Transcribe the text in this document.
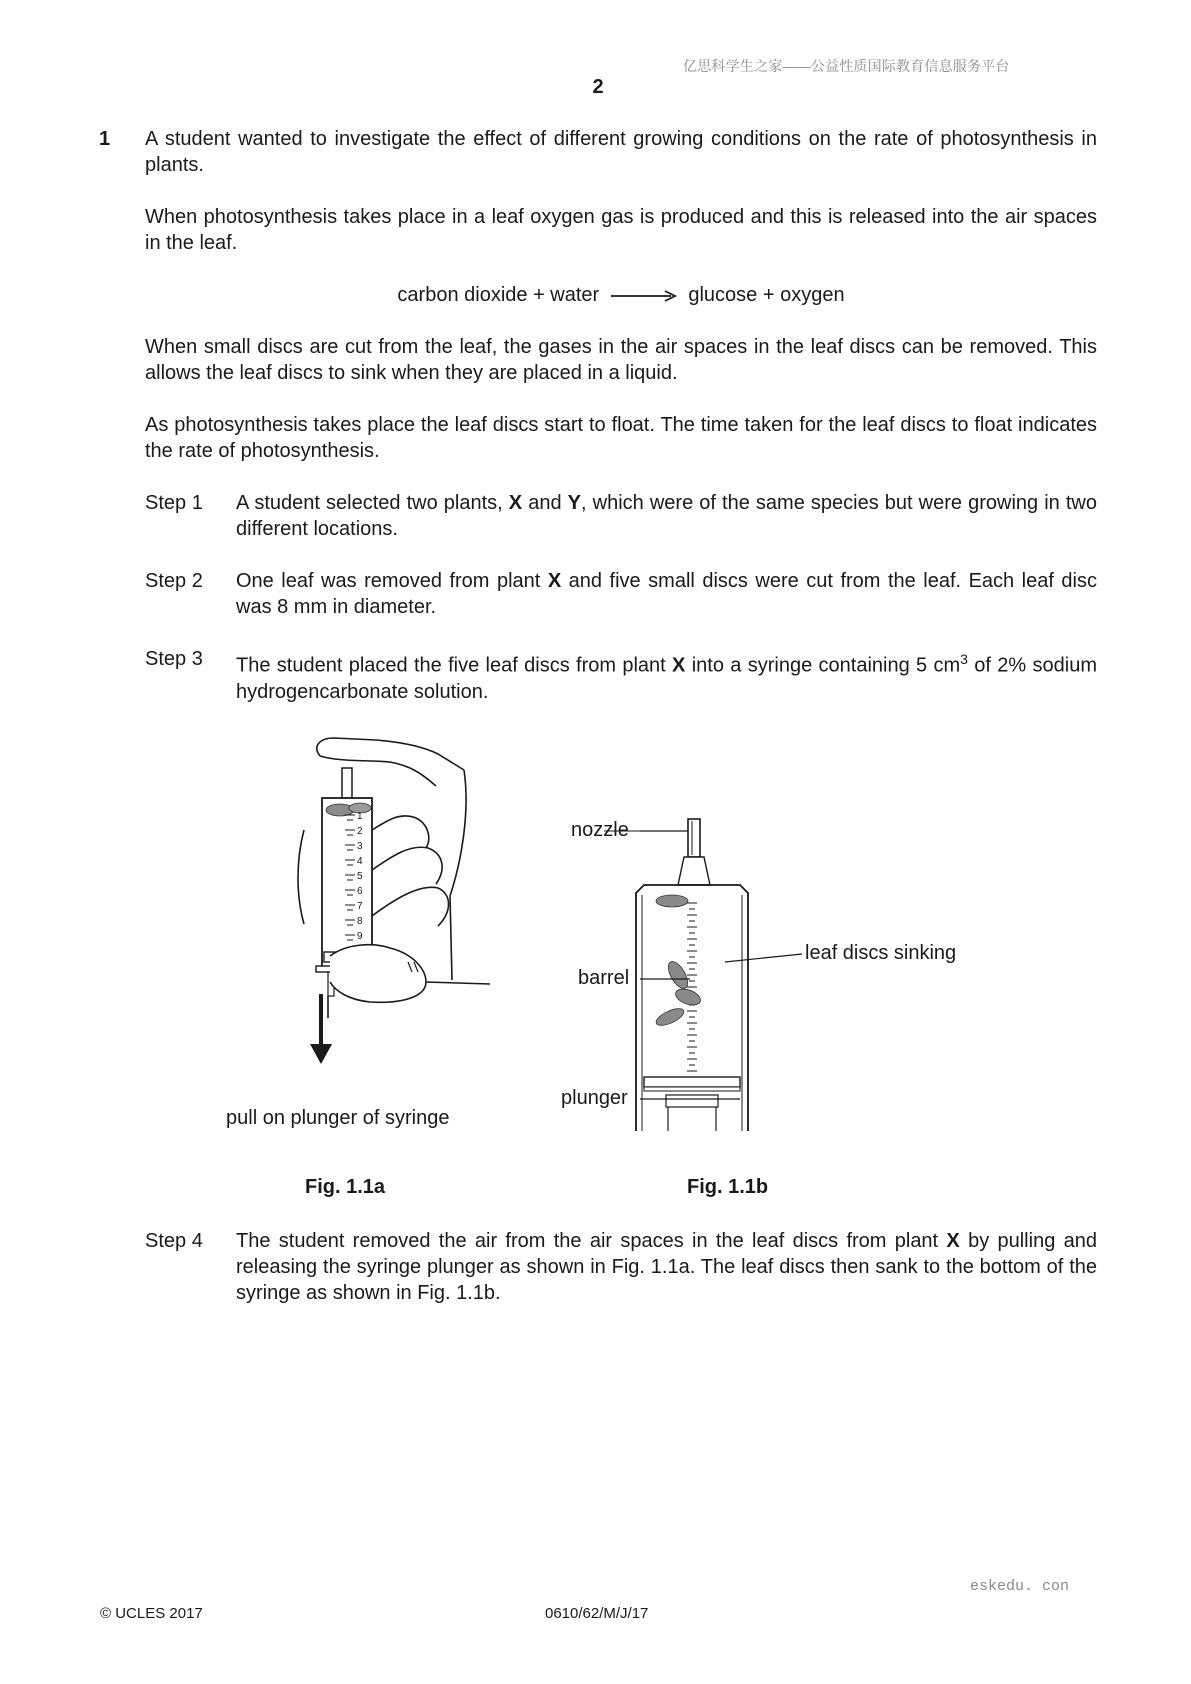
亿思科学生之家——公益性质国际教育信息服务平台
2
1 A student wanted to investigate the effect of different growing conditions on the rate of photosynthesis in plants.
When photosynthesis takes place in a leaf oxygen gas is produced and this is released into the air spaces in the leaf.
carbon dioxide + water	glucose + oxygen
When small discs are cut from the leaf, the gases in the air spaces in the leaf discs can be removed. This allows the leaf discs to sink when they are placed in a liquid.
As photosynthesis takes place the leaf discs start to float. The time taken for the leaf discs to float indicates the rate of photosynthesis.
Step 1 A student selected two plants, X and Y, which were of the same species but were growing in two different locations.
Step 2 One leaf was removed from plant X and five small discs were cut from the leaf. Each leaf disc was 8 mm in diameter.
Step 3 The student placed the five leaf discs from plant X into a syringe containing 5 $cm^3$ of 2% sodium hydrogencarbonate solution.
1
2
3
4
5
6
7
8
9
pull on plunger of syringe
Fig. 1.1a
nozzle
barrel
leaf discs sinking
plunger
Fig. 1.1b
Step 4 The student removed the air from the air spaces in the leaf discs from plant X by pulling and releasing the syringe plunger as shown in Fig. 1.1a. The leaf discs then sank to the bottom of the syringe as shown in Fig. 1.1b.
eskedu. con
© UCLES 2017	0610/62/M/J/17
